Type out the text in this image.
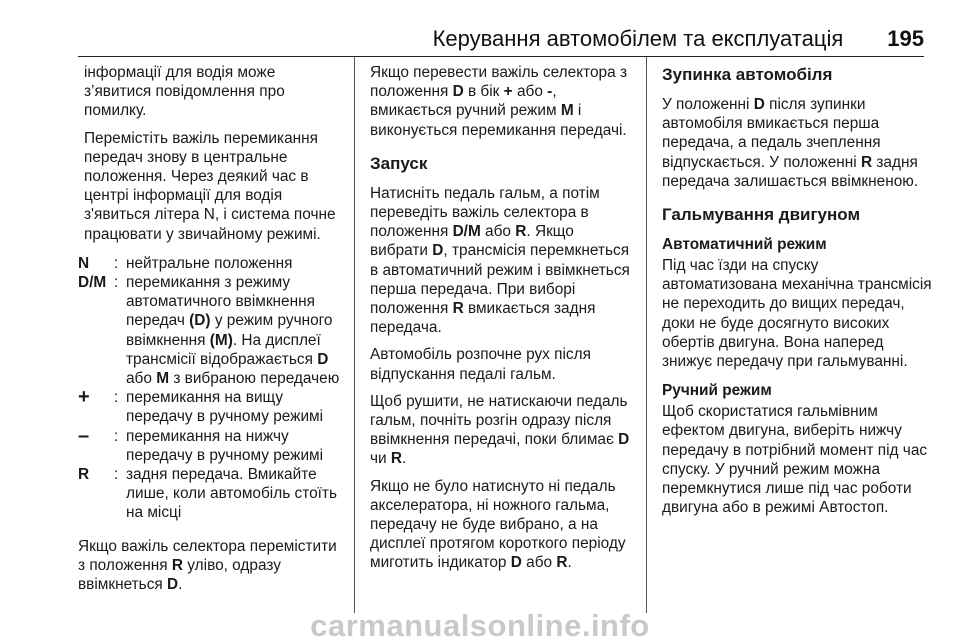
Керування автомобілем та експлуатація 195

інформації для водія може з’явитися повідомлення про помилку.

Перемістіть важіль перемикання передач знову в центральне положення. Через деякий час в центрі інформації для водія з'явиться літера N, і система почне працювати у звичайному режимі.

N	: нейтральне положення
D/M : перемикання з режиму автоматичного ввімкнення передач (D) у режим ручного ввімкнення (M). На дисплеї трансмісії відображається D або M з вибраною передачею
+	: перемикання на вищу передачу в ручному режимі
–	: перемикання на нижчу передачу в ручному режимі
R	: задня передача. Вмикайте лише, коли автомобіль стоїть на місці

Якщо важіль селектора перемістити з положення R уліво, одразу ввімкнеться D.

Якщо перевести важіль селектора з положення D в бік + або -, вмикається ручний режим M і виконується перемикання передачі.

Запуск

Натисніть педаль гальм, а потім переведіть важіль селектора в положення D/M або R. Якщо вибрати D, трансмісія перемкнеться в автоматичний режим і ввімкнеться перша передача. При виборі положення R вмикається задня передача.

Автомобіль розпочне рух після відпускання педалі гальм.

Щоб рушити, не натискаючи педаль гальм, почніть розгін одразу після ввімкнення передачі, поки блимає D чи R.

Якщо не було натиснуто ні педаль акселератора, ні ножного гальма, передачу не буде вибрано, а на дисплеї протягом короткого періоду миготить індикатор D або R.

Зупинка автомобіля

У положенні D після зупинки автомобіля вмикається перша передача, а педаль зчеплення відпускається. У положенні R задня передача залишається ввімкненою.

Гальмування двигуном
Автоматичний режим

Під час їзди на спуску автоматизована механічна трансмісія не переходить до вищих передач, доки не буде досягнуто високих обертів двигуна. Вона наперед знижує передачу при гальмуванні.

Ручний режим

Щоб скористатися гальмівним ефектом двигуна, виберіть нижчу передачу в потрібний момент під час спуску. У ручний режим можна перемкнутися лише під час роботи двигуна або в режимі Автостоп.

carmanualsonline.info
